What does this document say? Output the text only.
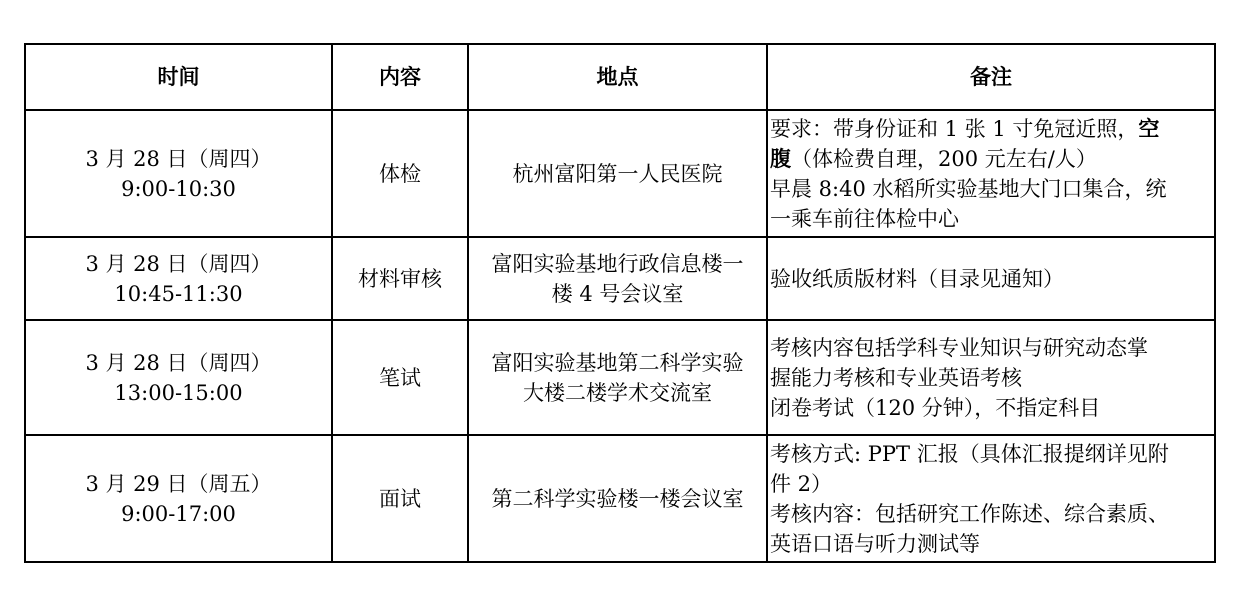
时间	内容	地点	备注

3 月 28 日（周四）
9:00-10:30	体检	杭州富阳第一人民医院	要求：带身份证和 1 张 1 寸免冠近照，空
腹（体检费自理，200 元左右/人）
早晨 8:40 水稻所实验基地大门口集合，统
一乘车前往体检中心

3 月 28 日（周四）
10:45-11:30	材料审核	富阳实验基地行政信息楼一
楼 4 号会议室	验收纸质版材料（目录见通知）

3 月 28 日（周四）
13:00-15:00	笔试	富阳实验基地第二科学实验
大楼二楼学术交流室	考核内容包括学科专业知识与研究动态掌
握能力考核和专业英语考核
闭卷考试（120 分钟），不指定科目

3 月 29 日（周五）
9:00-17:00	面试	第二科学实验楼一楼会议室	考核方式: PPT 汇报（具体汇报提纲详见附
件 2）
考核内容：包括研究工作陈述、综合素质、
英语口语与听力测试等
